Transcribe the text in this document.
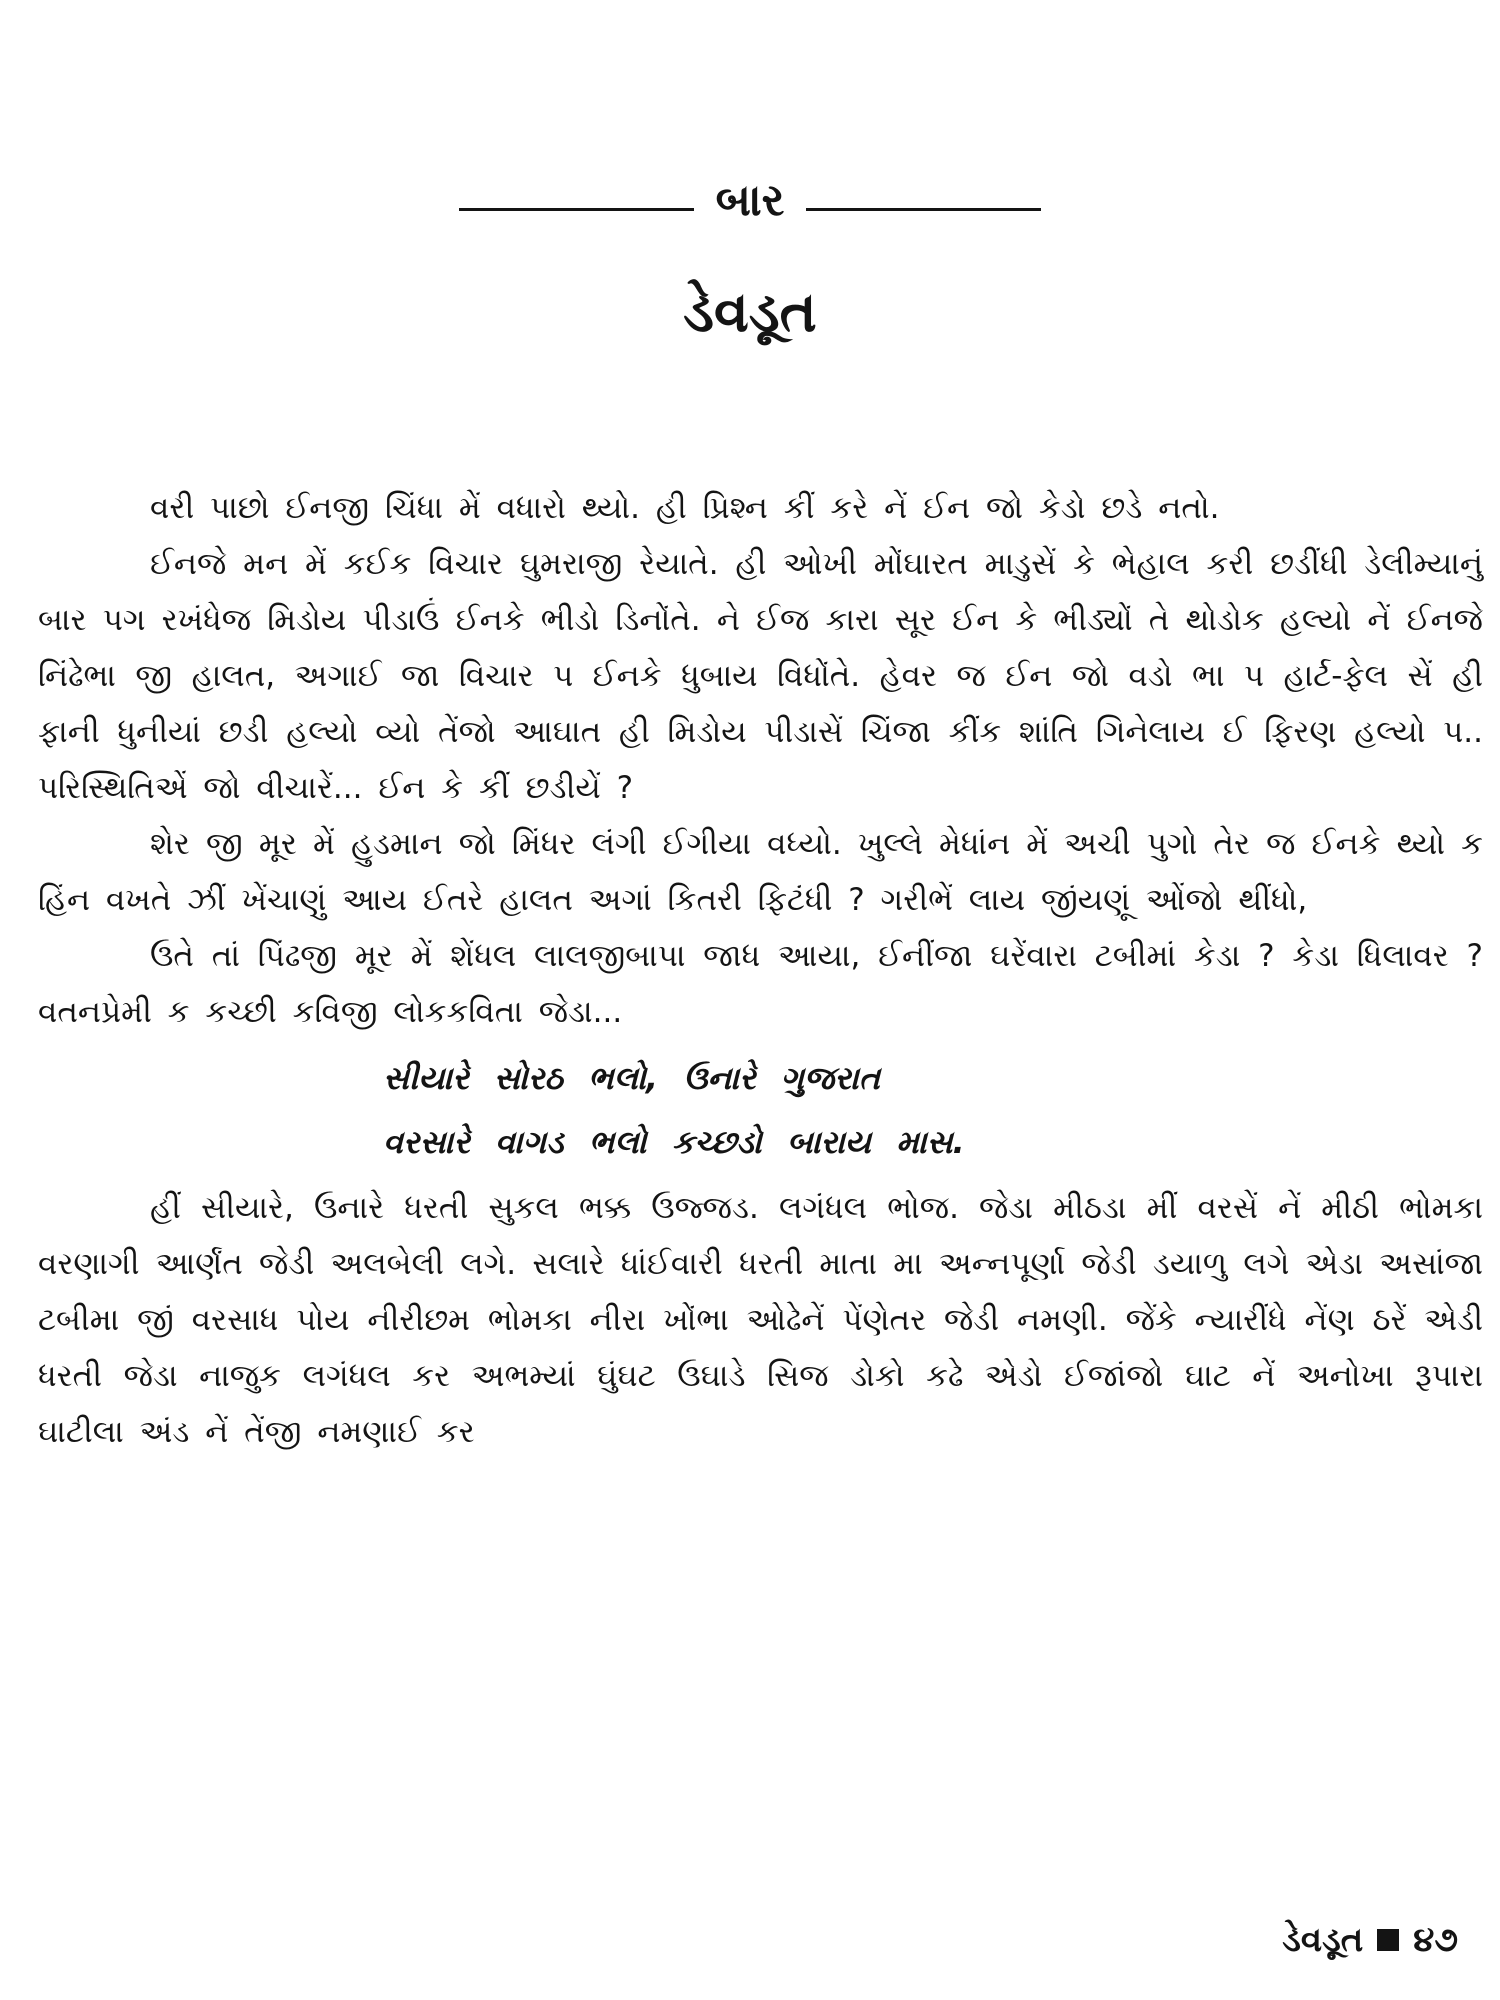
બાર
ડેવડૂત

વરી પાછો ઈનજી ચિંધા મેં વધારો થ્યો. હી પ્રિશ્ન કીં કરે નેં ઈન જો કેડો છડે નતો.

ઈનજે મન મેં કઈક વિચાર ઘુમરાજી રેયાતે. હી ઓખી મોંઘારત માડુસેં કે ભેહાલ કરી છડીંધી ડેલીમ્યાનું બાર પગ રખંધેજ મિડોય પીડાઉં ઈનકે ભીડો ડિનોંતે. ને ઈજ કારા સૂર ઈન કે ભીડ્યોં તે થોડોક હલ્યો નેં ઈનજે નિંઢેભા જી હાલત, અગાઈ જા વિચાર પ ઈનકે ધુબાય વિધોંતે. હેવર જ ઈન જો વડો ભા પ હાર્ટ-ફેલ સેં હી ફાની ધુનીયાં છડી હલ્યો વ્યો તેંજો આઘાત હી મિડોય પીડાસેં ચિંજા કીંક શાંતિ ગિનેલાય ઈ ફિરણ હલ્યો પ.. પરિસ્થિતિએં જો વીચારેં... ઈન કે કીં છડીયેં ?

શેર જી મૂર મેં હુડમાન જો મિંધર લંગી ઈગીયા વધ્યો. ખુલ્લે મેધાંન મેં અચી પુગો તેર જ ઈનકે થ્યો ક હિંન વખતે ઝીં ખેંચાણું આય ઈતરે હાલત અગાં કિતરી ફિટંધી ? ગરીભેં લાય જીંયણૂં ઓંજો થીંધો,

ઉતે તાં પિંઢજી મૂર મેં શેંધલ લાલજીબાપા જાધ આયા, ઈનીંજા ઘરેંવારા ટબીમાં કેડા ? કેડા ધિલાવર ? વતનપ્રેમી ક કચ્છી કવિજી લોકકવિતા જેડા...

સીયારે સોરઠ ભલો, ઉનારે ગુજરાત
વરસારે વાગડ ભલો કચ્છડો બારાય માસ.

હીં સીયારે, ઉનારે ધરતી સુકલ ભક્ક ઉજ્જડ. લગંધલ ભોજ. જેડા મીઠડા મીં વરસેં નેં મીઠી ભોમકા વરણાગી આર્ણંત જેડી અલબેલી લગે. સલારે ધાંઈવારી ધરતી માતા મા અન્નપૂર્ણા જેડી ડયાળુ લગે એડા અસાંજા ટબીમા જીં વરસાધ પોય નીરીછમ ભોમકા નીરા ખોંભા ઓઢેનેં પેંણેતર જેડી નમણી. જેંકે ન્યારીંધે નેંણ ઠરેં એડી ધરતી જેડા નાજુક લગંધલ કર અભમ્યાં ઘુંઘટ ઉઘાડે સિજ ડોકો કઢે એડો ઈજાંજો ઘાટ નેં અનોખા રૂપારા ઘાટીલા અંડ નેં તેંજી નમણાઈ કર

ડેવડૂત ૪૭
